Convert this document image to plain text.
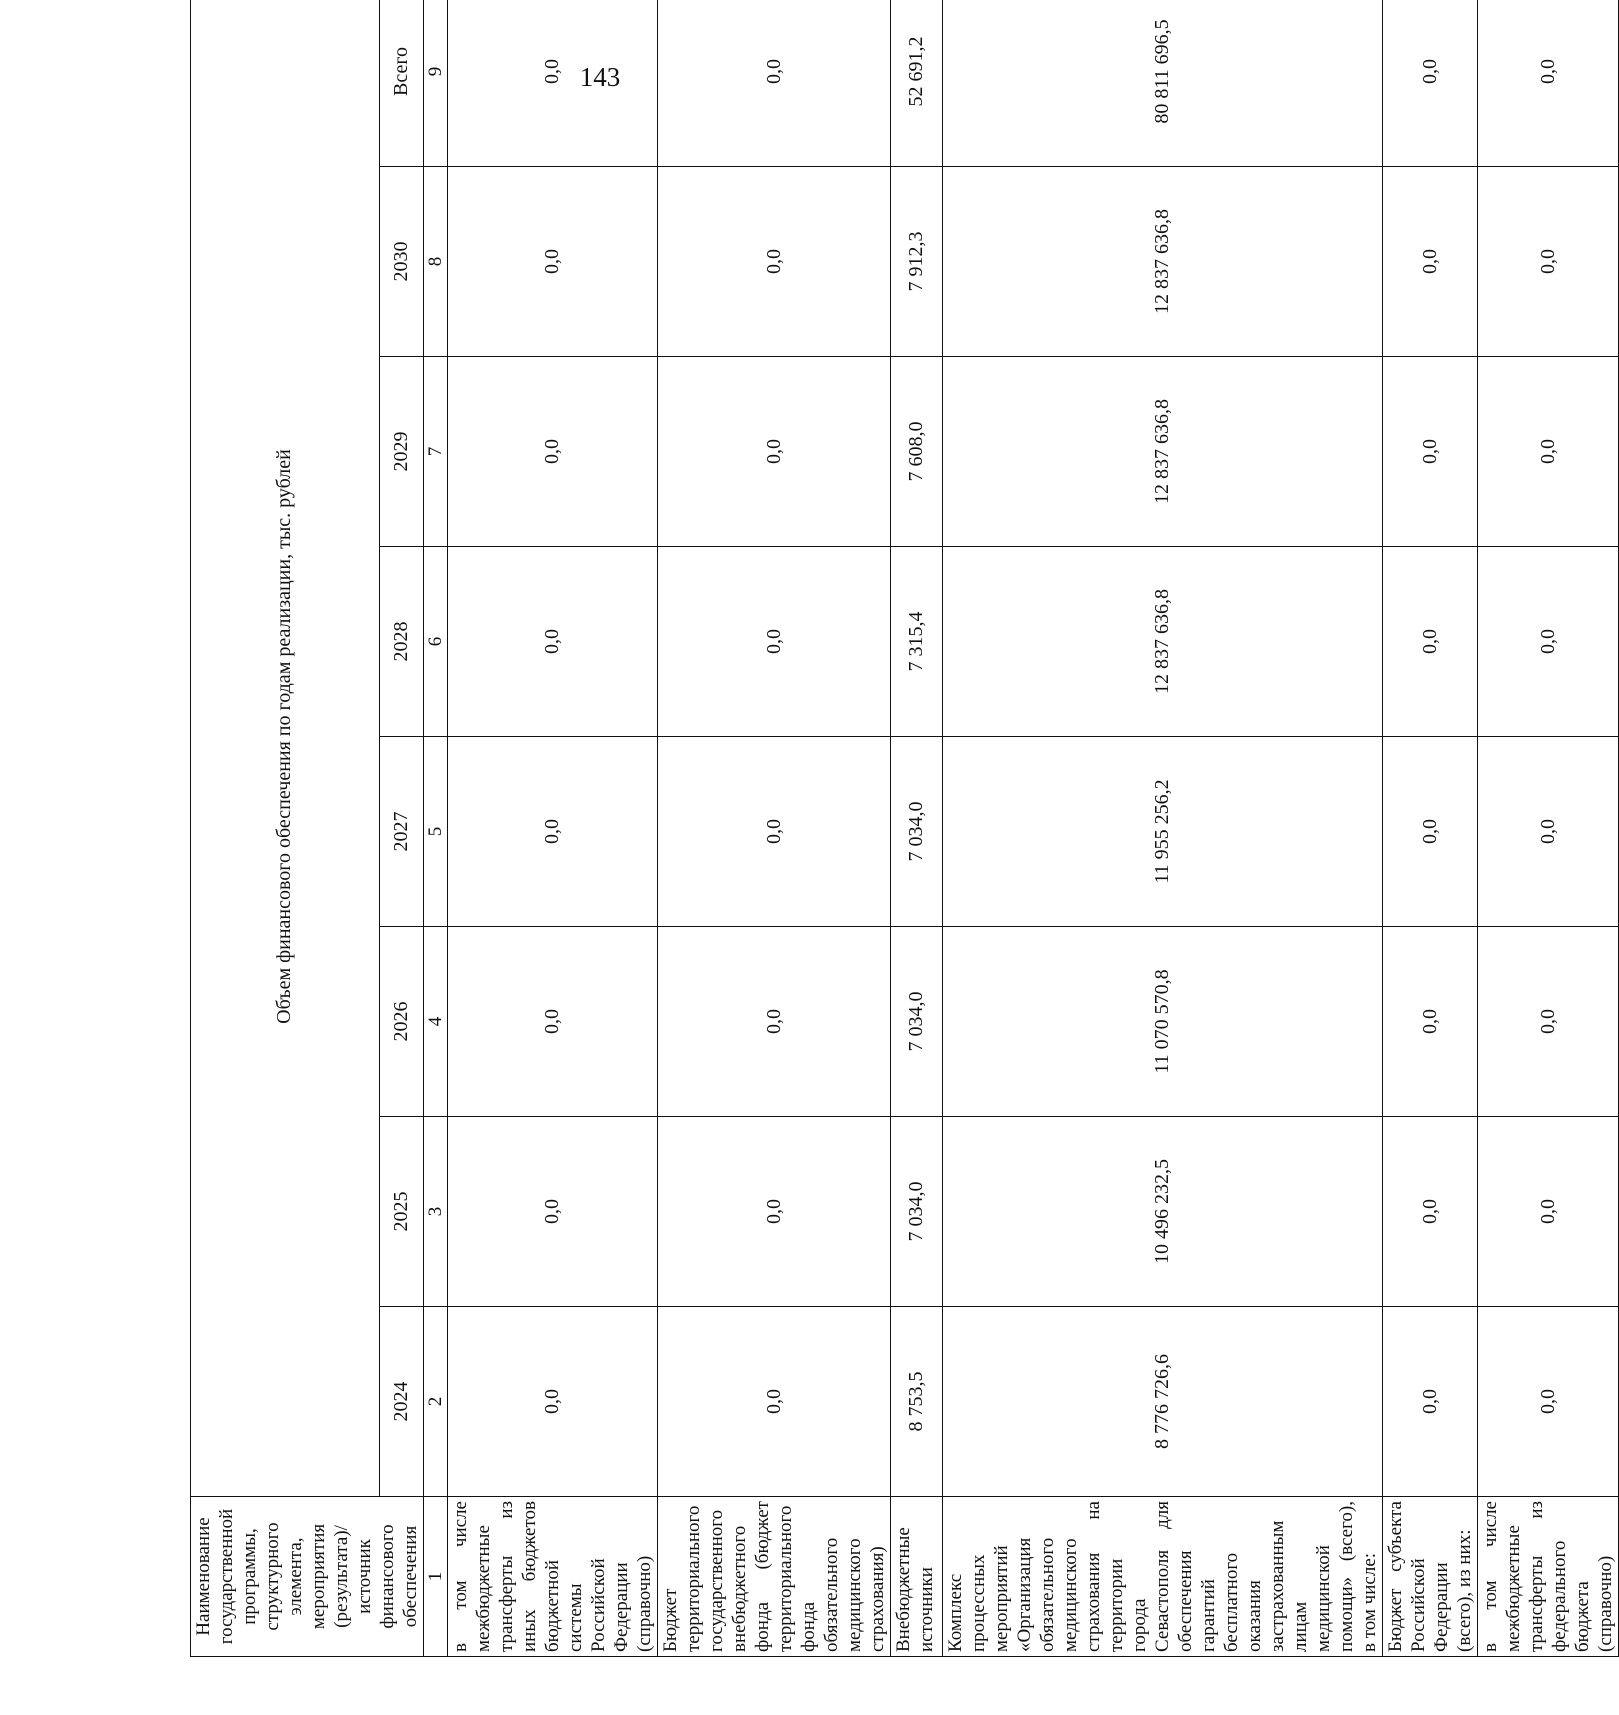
143
Наименование государственной программы, структурного элемента, мероприятия (результата)/источник финансового обеспечения	Объем финансового обеспечения по годам реализации, тыс. рублей							
	2024	2025	2026	2027	2028	2029	2030	Всего
1	2	3	4	5	6	7	8	9
в том числе межбюджетные трансферты из иных бюджетов бюджетной системы Российской Федерации (справочно)	0,0	0,0	0,0	0,0	0,0	0,0	0,0	0,0
Бюджет территориального государственного внебюджетного фонда (бюджет территориального фонда обязательного медицинского страхования)	0,0	0,0	0,0	0,0	0,0	0,0	0,0	0,0
Внебюджетные источники	8 753,5	7 034,0	7 034,0	7 034,0	7 315,4	7 608,0	7 912,3	52 691,2
Комплекс процессных мероприятий «Организация обязательного медицинского страхования на территории города Севастополя для обеспечения гарантий бесплатного оказания застрахованным лицам медицинской помощи» (всего), в том числе:	8 776 726,6	10 496 232,5	11 070 570,8	11 955 256,2	12 837 636,8	12 837 636,8	12 837 636,8	80 811 696,5
Бюджет субъекта Российской Федерации (всего), из них:	0,0	0,0	0,0	0,0	0,0	0,0	0,0	0,0
в том числе межбюджетные трансферты из федерального бюджета (справочно)	0,0	0,0	0,0	0,0	0,0	0,0	0,0	0,0
